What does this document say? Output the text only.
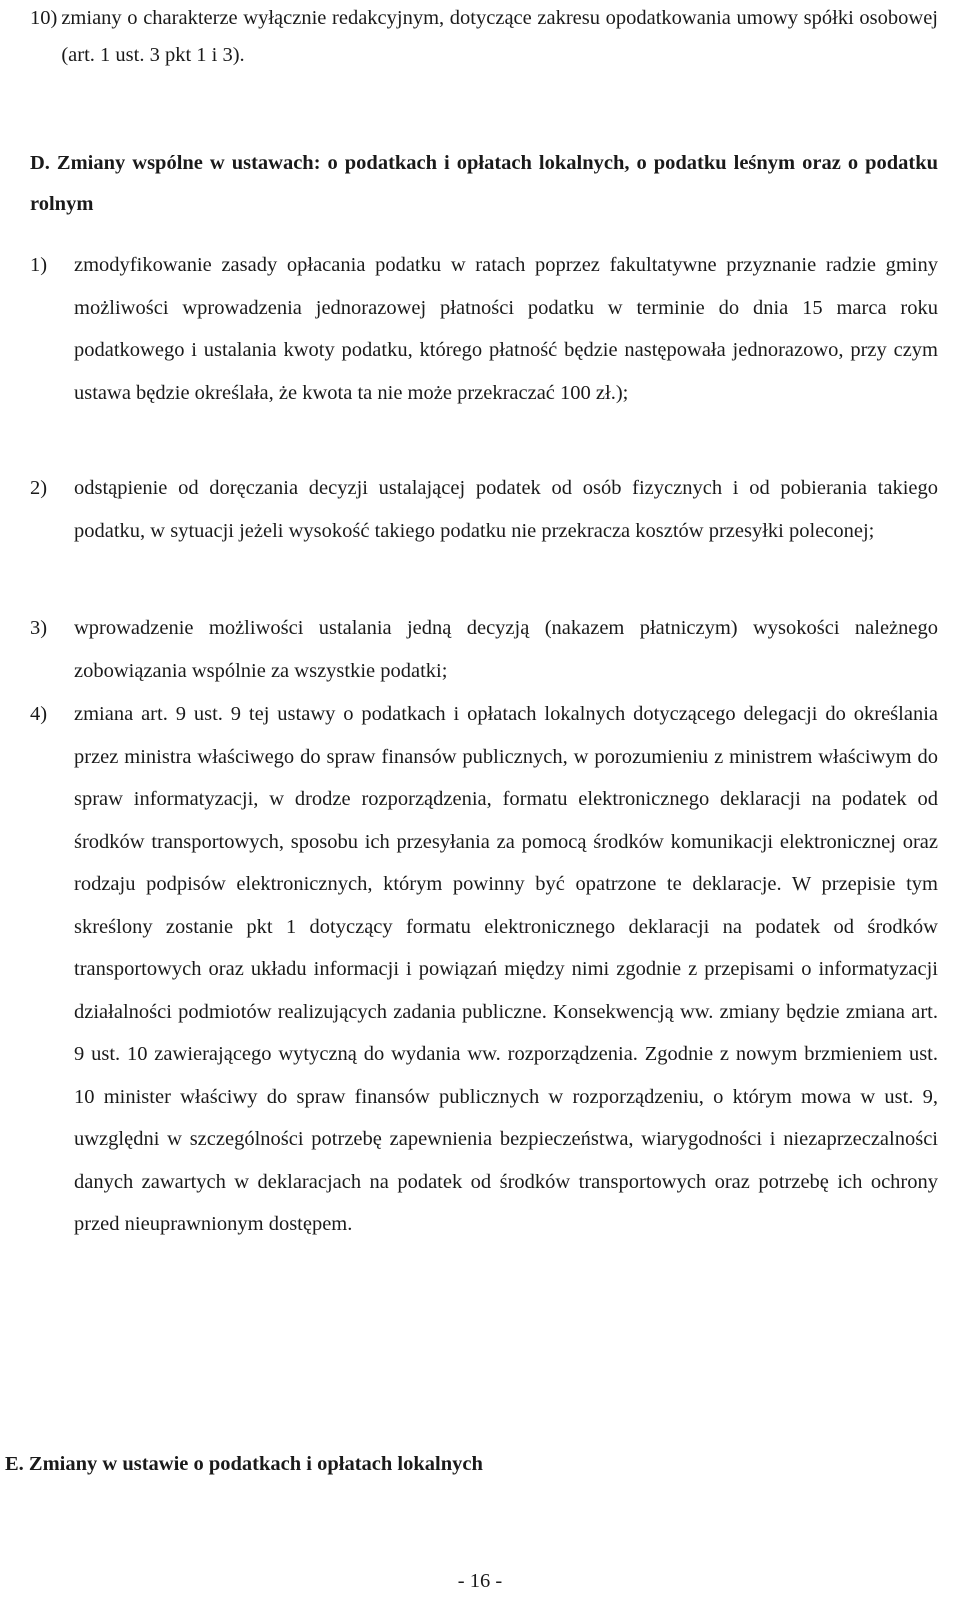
10) zmiany o charakterze wyłącznie redakcyjnym, dotyczące zakresu opodatkowania umowy spółki osobowej (art. 1 ust. 3 pkt 1 i 3).
D. Zmiany wspólne w ustawach: o podatkach i opłatach lokalnych, o podatku leśnym oraz o podatku rolnym
1)	zmodyfikowanie zasady opłacania podatku w ratach poprzez fakultatywne przyznanie radzie gminy możliwości wprowadzenia jednorazowej płatności podatku w terminie do dnia 15 marca roku podatkowego i ustalania kwoty podatku, którego płatność będzie następowała jednorazowo, przy czym ustawa będzie określała, że kwota ta nie może przekraczać 100 zł.);
2)	odstąpienie od doręczania decyzji ustalającej podatek od osób fizycznych i od pobierania takiego podatku, w sytuacji jeżeli wysokość takiego podatku nie przekracza kosztów przesyłki poleconej;
3)	wprowadzenie możliwości ustalania jedną decyzją (nakazem płatniczym) wysokości należnego zobowiązania wspólnie za wszystkie podatki;
4)	zmiana art. 9 ust. 9 tej ustawy o podatkach i opłatach lokalnych dotyczącego delegacji do określania przez ministra właściwego do spraw finansów publicznych, w porozumieniu z ministrem właściwym do spraw informatyzacji, w drodze rozporządzenia, formatu elektronicznego deklaracji na podatek od środków transportowych, sposobu ich przesyłania za pomocą środków komunikacji elektronicznej oraz rodzaju podpisów elektronicznych, którym powinny być opatrzone te deklaracje. W przepisie tym skreślony zostanie pkt 1 dotyczący formatu elektronicznego deklaracji na podatek od środków transportowych oraz układu informacji i powiązań między nimi zgodnie z przepisami o informatyzacji działalności podmiotów realizujących zadania publiczne. Konsekwencją ww. zmiany będzie zmiana art. 9 ust. 10 zawierającego wytyczną do wydania ww. rozporządzenia. Zgodnie z nowym brzmieniem ust. 10 minister właściwy do spraw finansów publicznych w rozporządzeniu, o którym mowa w ust. 9, uwzględni w szczególności potrzebę zapewnienia bezpieczeństwa, wiarygodności i niezaprzeczalności danych zawartych w deklaracjach na podatek od środków transportowych oraz potrzebę ich ochrony przed nieuprawnionym dostępem.
E. Zmiany w ustawie o podatkach i opłatach lokalnych
- 16 -
